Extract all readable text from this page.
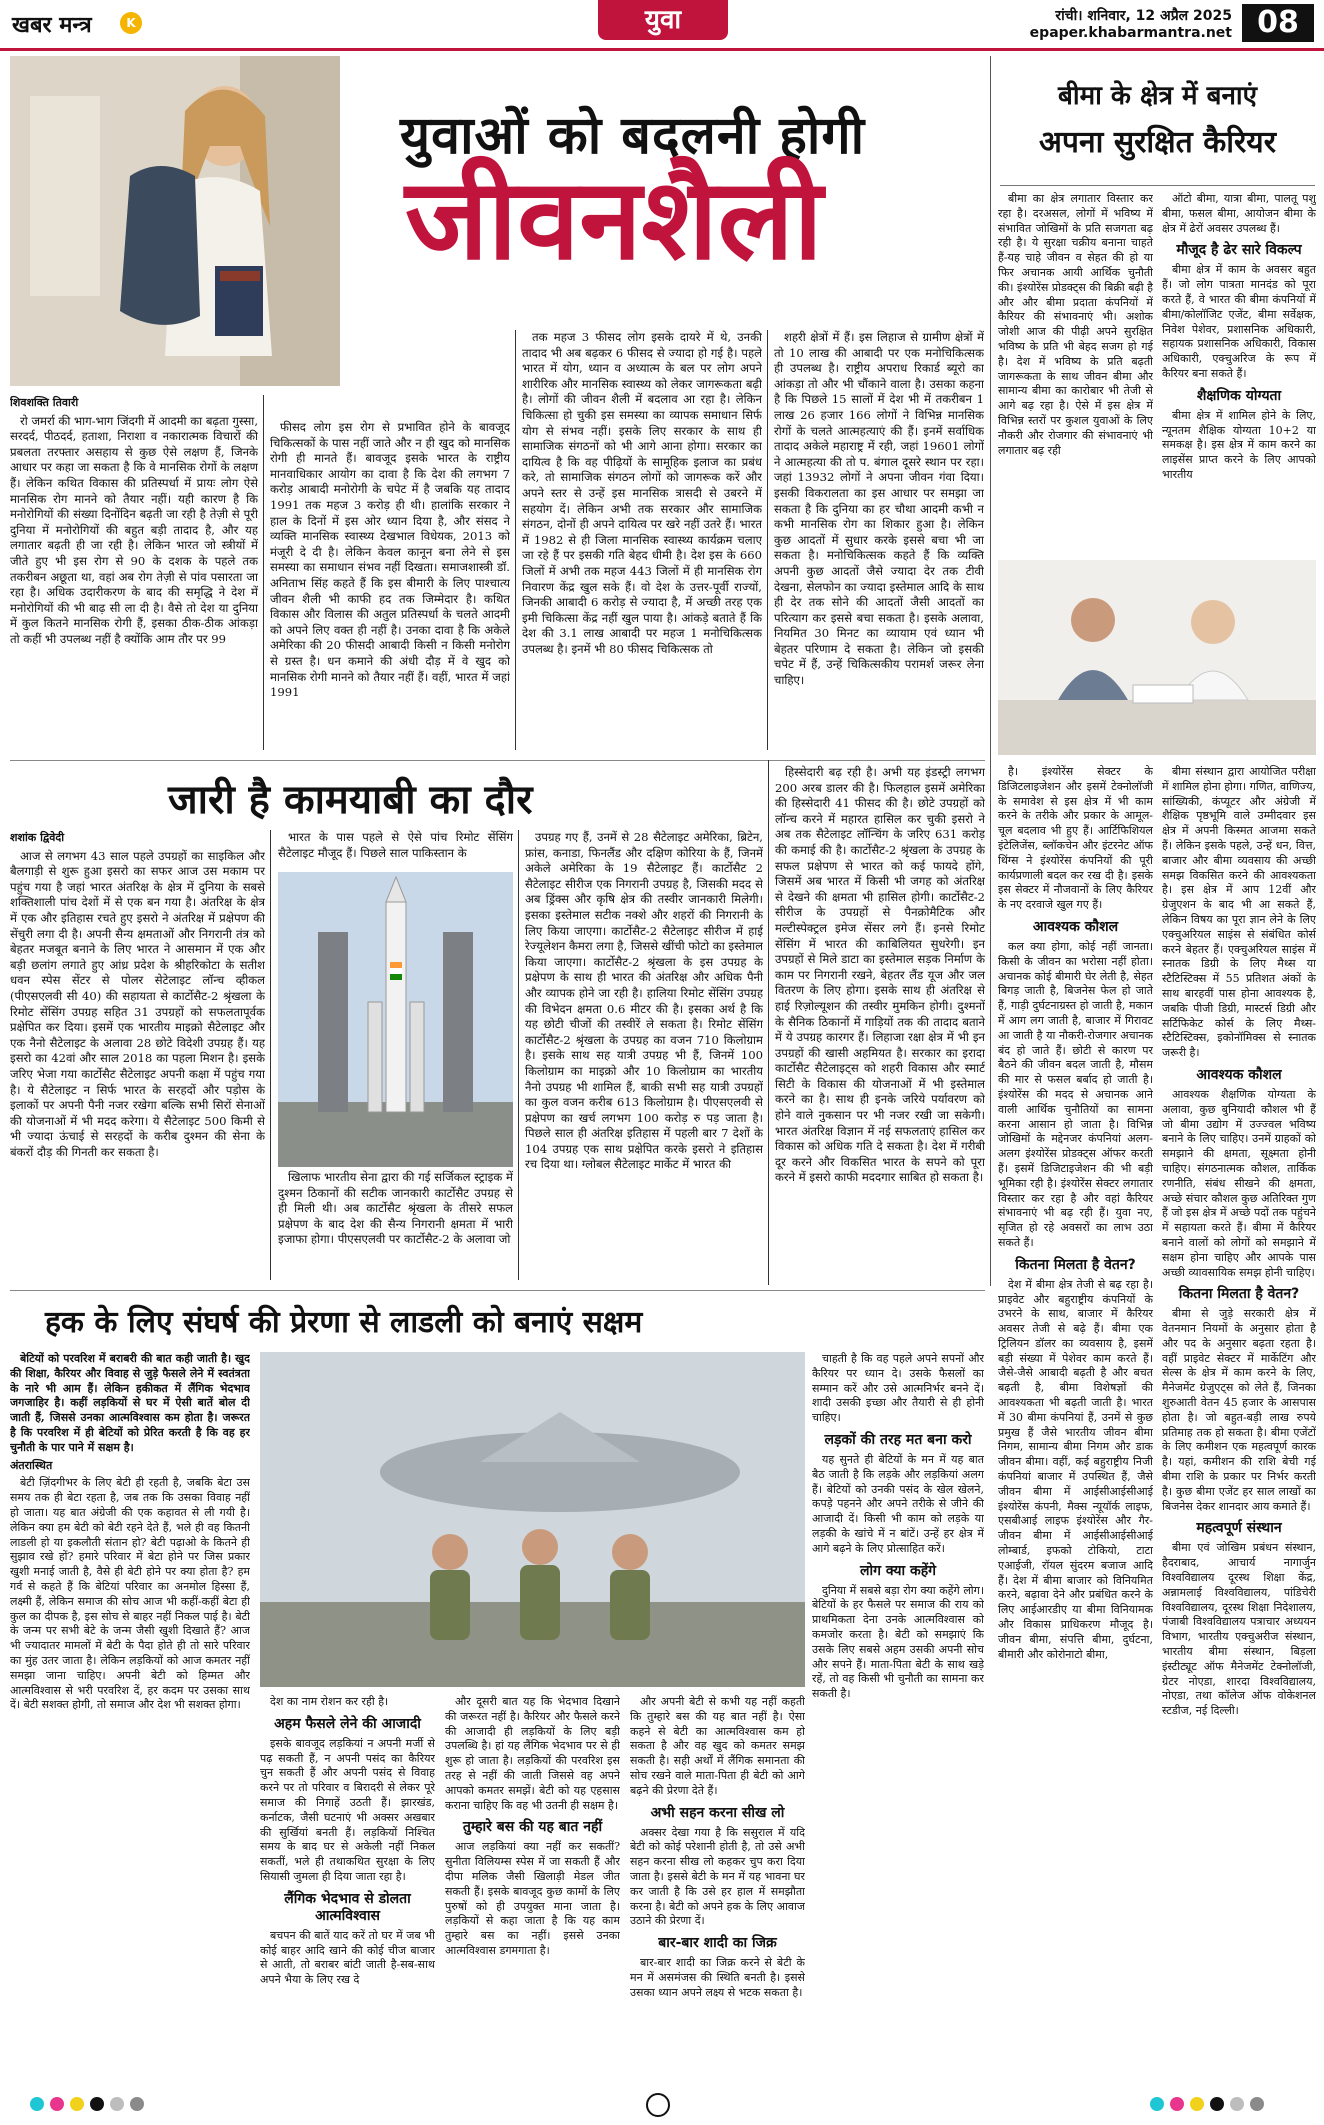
खबर मन्त्र	K	युवा	रांची। शनिवार, 12 अप्रैल 2025
epaper.khabarmantra.net 08
युवाओं को बदलनी होगी
जीवनशैली
शिवशक्ति तिवारी

रो जमर्रा की भाग-भाग जिंदगी में आदमी का बढ़ता गुस्सा, सरदर्द, पीठदर्द, हताशा, निराशा व नकारात्मक विचारों की प्रबलता तरफ्तार असहाय से कुछ ऐसे लक्षण हैं, जिनके आधार पर कहा जा सकता है कि वे मानसिक रोगों के लक्षण हैं। लेकिन कथित विकास की प्रतिस्पर्धा में प्रायः लोग ऐसे मानसिक रोग मानने को तैयार नहीं। यही कारण है कि मनोरोगियों की संख्या दिनोंदिन बढ़ती जा रही है तेज़ी से पूरी दुनिया में मनोरोगियों की बहुत बड़ी तादाद है, और यह लगातार बढ़ती ही जा रही है। लेकिन भारत जो स्त्रीयों में जीते हुए भी इस रोग से 90 के दशक के पहले तक तकरीबन अछूता था, वहां अब रोग तेज़ी से पांव पसारता जा रहा है। अधिक उदारीकरण के बाद की समृद्धि ने देश में मनोरोगियों की भी बाढ़ सी ला दी है। वैसे तो देश या दुनिया में कुल कितने मानसिक रोगी हैं, इसका ठीक-ठीक आंकड़ा तो कहीं भी उपलब्ध नहीं है क्योंकि आम तौर पर 99

फीसद लोग इस रोग से प्रभावित होने के बावजूद चिकित्सकों के पास नहीं जाते और न ही खुद को मानसिक रोगी ही मानते हैं। बावजूद इसके भारत के राष्ट्रीय मानवाधिकार आयोग का दावा है कि देश की लगभग 7 करोड़ आबादी मनोरोगी के चपेट में है जबकि यह तादाद 1991 तक महज 3 करोड़ ही थी। हालांकि सरकार ने हाल के दिनों में इस ओर ध्यान दिया है, और संसद ने व्यक्ति मानसिक स्वास्थ्य देखभाल विधेयक, 2013 को मंजूरी दे दी है। लेकिन केवल कानून बना लेने से इस समस्या का समाधान संभव नहीं दिखता। समाजशास्त्री डॉ. अनिताभ सिंह कहते हैं कि इस बीमारी के लिए पाश्चात्य जीवन शैली भी काफी हद तक जिम्मेदार है। कथित विकास और विलास की अतुल प्रतिस्पर्धा के चलते आदमी को अपने लिए वक्त ही नहीं है। उनका दावा है कि अकेले अमेरिका की 20 फीसदी आबादी किसी न किसी मनोरोग से ग्रस्त है। धन कमाने की अंधी दौड़ में वे खुद को मानसिक रोगी मानने को तैयार नहीं हैं। वहीं, भारत में जहां 1991

तक महज 3 फीसद लोग इसके दायरे में थे, उनकी तादाद भी अब बढ़कर 6 फीसद से ज्यादा हो गई है। पहले भारत में योग, ध्यान व अध्यात्म के बल पर लोग अपने शारीरिक और मानसिक स्वास्थ्य को लेकर जागरूकता बढ़ी है। लोगों की जीवन शैली में बदलाव आ रहा है। लेकिन चिकित्सा हो चुकी इस समस्या का व्यापक समाधान सिर्फ योग से संभव नहीं। इसके लिए सरकार के साथ ही सामाजिक संगठनों को भी आगे आना होगा। सरकार का दायित्व है कि वह पीढ़ियों के सामूहिक इलाज का प्रबंध करे, तो सामाजिक संगठन लोगों को जागरूक करें और अपने स्तर से उन्हें इस मानसिक त्रासदी से उबरने में सहयोग दें। लेकिन अभी तक सरकार और सामाजिक संगठन, दोनों ही अपने दायित्व पर खरे नहीं उतरे हैं। भारत में 1982 से ही जिला मानसिक स्वास्थ्य कार्यक्रम चलाए जा रहे हैं पर इसकी गति बेहद धीमी है। देश इस के 660 जिलों में अभी तक महज 443 जिलों में ही मानसिक रोग निवारण केंद्र खुल सके हैं। वो देश के उत्तर-पूर्वी राज्यों, जिनकी आबादी 6 करोड़ से ज्यादा है, में अच्छी तरह एक इमी चिकित्सा केंद्र नहीं खुल पाया है। आंकड़े बताते हैं कि देश की 3.1 लाख आबादी पर महज 1 मनोचिकित्सक उपलब्ध है। इनमें भी 80 फीसद चिकित्सक तो

शहरी क्षेत्रों में हैं। इस लिहाज से ग्रामीण क्षेत्रों में तो 10 लाख की आबादी पर एक मनोचिकित्सक ही उपलब्ध है। राष्ट्रीय अपराध रिकार्ड ब्यूरो का आंकड़ा तो और भी चौंकाने वाला है। उसका कहना है कि पिछले 15 सालों में देश भी में तकरीबन 1 लाख 26 हजार 166 लोगों ने विभिन्न मानसिक रोगों के चलते आत्महत्याएं की हैं। इनमें सर्वाधिक तादाद अकेले महाराष्ट्र में रही, जहां 19601 लोगों ने आत्महत्या की तो प. बंगाल दूसरे स्थान पर रहा। जहां 13932 लोगों ने अपना जीवन गंवा दिया। इसकी विकरालता का इस आधार पर समझा जा सकता है कि दुनिया का हर चौथा आदमी कभी न कभी मानसिक रोग का शिकार हुआ है। लेकिन कुछ आदतों में सुधार करके इससे बचा भी जा सकता है। मनोचिकित्सक कहते हैं कि व्यक्ति अपनी कुछ आदतों जैसे ज्यादा देर तक टीवी देखना, सेलफोन का ज्यादा इस्तेमाल आदि के साथ ही देर तक सोने की आदतों जैसी आदतों का परित्याग कर इससे बचा सकता है। इसके अलावा, नियमित 30 मिनट का व्यायाम एवं ध्यान भी बेहतर परिणाम दे सकता है। लेकिन जो इसकी चपेट में हैं, उन्हें चिकित्सकीय परामर्श जरूर लेना चाहिए।

बीमा के क्षेत्र में बनाएं
अपना सुरक्षित कैरियर

बीमा का क्षेत्र लगातार विस्तार कर रहा है। दरअसल, लोगों में भविष्य में संभावित जोखिमों के प्रति सजगता बढ़ रही है। ये सुरक्षा चक्रीय बनाना चाहते हैं-यह चाहे जीवन व सेहत की हो या फिर अचानक आयी आर्थिक चुनौती की। इंश्योरेंस प्रोडक्ट्स की बिक्री बढ़ी है और और बीमा प्रदाता कंपनियों में कैरियर की संभावनाएं भी। अशोक जोशी आज की पीढ़ी अपने सुरक्षित भविष्य के प्रति भी बेहद सजग हो गई है। देश में भविष्य के प्रति बढ़ती जागरूकता के साथ जीवन बीमा और सामान्य बीमा का कारोबार भी तेजी से आगे बढ़ रहा है। ऐसे में इस क्षेत्र में विभिन्न स्तरों पर कुशल युवाओं के लिए नौकरी और रोजगार की संभावनाएं भी लगातार बढ़ रही

ऑटो बीमा, यात्रा बीमा, पालतू पशु बीमा, फसल बीमा, आयोजन बीमा के क्षेत्र में ढेरों अवसर उपलब्ध हैं।

मौजूद है ढेर सारे विकल्प

बीमा क्षेत्र में काम के अवसर बहुत हैं। जो लोग पात्रता मानदंड को पूरा करते हैं, वे भारत की बीमा कंपनियों में बीमा/कोलॉजिट एजेंट, बीमा सर्वेक्षक, निवेश पेशेवर, प्रशासनिक अधिकारी, सहायक प्रशासनिक अधिकारी, विकास अधिकारी, एक्चुअरिज के रूप में कैरियर बना सकते हैं।

शैक्षणिक योग्यता

बीमा क्षेत्र में शामिल होने के लिए, न्यूनतम शैक्षिक योग्यता 10+2 या समकक्ष है। इस क्षेत्र में काम करने का लाइसेंस प्राप्त करने के लिए आपको भारतीय

जारी है कामयाबी का दौर
शशांक द्विवेदी

आज से लगभग 43 साल पहले उपग्रहों का साइकिल और बैलगाड़ी से शुरू हुआ इसरो का सफर आज उस मकाम पर पहुंच गया है जहां भारत अंतरिक्ष के क्षेत्र में दुनिया के सबसे शक्तिशाली पांच देशों में से एक बन गया है। अंतरिक्ष के क्षेत्र में एक और इतिहास रचते हुए इसरो ने अंतरिक्ष में प्रक्षेपण की सेंचुरी लगा दी है। अपनी सैन्य क्षमताओं और निगरानी तंत्र को बेहतर मजबूत बनाने के लिए भारत ने आसमान में एक और बड़ी छलांग लगाते हुए आंध्र प्रदेश के श्रीहरिकोटा के सतीश धवन स्पेस सेंटर से पोलर सेटेलाइट लॉन्च व्हीकल (पीएसएलवी सी 40) की सहायता से कार्टोसैट-2 श्रृंखला के रिमोट सेंसिंग उपग्रह सहित 31 उपग्रहों को सफलतापूर्वक प्रक्षेपित कर दिया। इसमें एक भारतीय माइक्रो सैटेलाइट और एक नैनो सैटेलाइट के अलावा 28 छोटे विदेशी उपग्रह हैं। यह इसरो का 42वां और साल 2018 का पहला मिशन है। इसके जरिए भेजा गया कार्टोसैट सैटेलाइट अपनी कक्षा में पहुंच गया है। ये सैटेलाइट न सिर्फ भारत के सरहदों और पड़ोस के इलाकों पर अपनी पैनी नजर रखेगा बल्कि सभी सिरों सेनाओं की योजनाओं में भी मदद करेगा। ये सैटेलाइट 500 किमी से भी ज्यादा ऊंचाई से सरहदों के करीब दुश्मन की सेना के बंकरों दौड़ की गिनती कर सकता है।

भारत के पास पहले से ऐसे पांच रिमोट सेंसिंग सैटेलाइट मौजूद हैं। पिछले साल पाकिस्तान के

खिलाफ भारतीय सेना द्वारा की गई सर्जिकल स्ट्राइक में दुश्मन ठिकानों की सटीक जानकारी कार्टोसैट उपग्रह से ही मिली थी। अब कार्टोसैट श्रृंखला के तीसरे सफल प्रक्षेपण के बाद देश की सैन्य निगरानी क्षमता में भारी इजाफा होगा। पीएसएलवी पर कार्टोसैट-2 के अलावा जो

उपग्रह गए हैं, उनमें से 28 सैटेलाइट अमेरिका, ब्रिटेन, फ्रांस, कनाडा, फिनलैंड और दक्षिण कोरिया के हैं, जिनमें अकेले अमेरिका के 19 सैटेलाइट हैं। कार्टोसैट 2 सैटेलाइट सीरीज एक निगरानी उपग्रह है, जिसकी मदद से अब ड्रिंक्स और कृषि क्षेत्र की तस्वीर जानकारी मिलेगी। इसका इस्तेमाल सटीक नक्शे और शहरों की निगरानी के लिए किया जाएगा। कार्टोसैट-2 सैटेलाइट सीरीज में हाई रेज्यूलेशन कैमरा लगा है, जिससे खींची फोटो का इस्तेमाल किया जाएगा। कार्टोसैट-2 श्रृंखला के इस उपग्रह के प्रक्षेपण के साथ ही भारत की अंतरिक्ष और अधिक पैनी और व्यापक होने जा रही है। हालिया रिमोट सेंसिंग उपग्रह की विभेदन क्षमता 0.6 मीटर की है। इसका अर्थ है कि यह छोटी चीजों की तस्वीरें ले सकता है। रिमोट सेंसिंग कार्टोसैट-2 श्रृंखला के उपग्रह का वजन 710 किलोग्राम है। इसके साथ सह यात्री उपग्रह भी हैं, जिनमें 100 किलोग्राम का माइक्रो और 10 किलोग्राम का भारतीय नैनो उपग्रह भी शामिल हैं, बाकी सभी सह यात्री उपग्रहों का कुल वजन करीब 613 किलोग्राम है। पीएसएलवी से प्रक्षेपण का खर्च लगभग 100 करोड़ रु पड़ जाता है। पिछले साल ही अंतरिक्ष इतिहास में पहली बार 7 देशों के 104 उपग्रह एक साथ प्रक्षेपित करके इसरो ने इतिहास रच दिया था। ग्लोबल सैटेलाइट मार्केट में भारत की

हिस्सेदारी बढ़ रही है। अभी यह इंडस्ट्री लगभग 200 अरब डालर की है। फिलहाल इसमें अमेरिका की हिस्सेदारी 41 फीसद की है। छोटे उपग्रहों को लॉन्च करने में महारत हासिल कर चुकी इसरो ने अब तक सैटेलाइट लॉन्चिंग के जरिए 631 करोड़ की कमाई की है। कार्टोसैट-2 श्रृंखला के उपग्रह के सफल प्रक्षेपण से भारत को कई फायदे होंगे, जिसमें अब भारत में किसी भी जगह को अंतरिक्ष से देखने की क्षमता भी हासिल होगी। कार्टोसैट-2 सीरीज के उपग्रहों से पैनक्रोमैटिक और मल्टीस्पेक्ट्रल इमेज सेंसर लगे हैं। इनसे रिमोट सेंसिंग में भारत की काबिलियत सुधरेगी। इन उपग्रहों से मिले डाटा का इस्तेमाल सड़क निर्माण के काम पर निगरानी रखने, बेहतर लैंड यूज और जल वितरण के लिए होगा। इसके साथ ही अंतरिक्ष से हाई रिज़ोल्यूशन की तस्वीर मुमकिन होगी। दुश्मनों के सैनिक ठिकानों में गाड़ियों तक की तादाद बताने में ये उपग्रह कारगर हैं। लिहाजा रक्षा क्षेत्र में भी इन उपग्रहों की खासी अहमियत है। सरकार का इरादा कार्टोसैट सैटेलाइट्स को शहरी विकास और स्मार्ट सिटी के विकास की योजनाओं में भी इस्तेमाल करने का है। साथ ही इनके जरिये पर्यावरण को होने वाले नुकसान पर भी नजर रखी जा सकेगी। भारत अंतरिक्ष विज्ञान में नई सफलताएं हासिल कर विकास को अधिक गति दे सकता है। देश में गरीबी दूर करने और विकसित भारत के सपने को पूरा करने में इसरो काफी मददगार साबित हो सकता है।

है। इंश्योरेंस सेक्टर के डिजिटलाइजेशन और इसमें टेक्नोलॉजी के समावेश से इस क्षेत्र में भी काम करने के तरीके और प्रकार के आमूल-चूल बदलाव भी हुए हैं। आर्टिफिशियल इंटेलिजेंस, ब्लॉकचेन और इंटरनेट ऑफ थिंग्स ने इंश्योरेंस कंपनियों की पूरी कार्यप्रणाली बदल कर रख दी है। इसके इस सेक्टर में नौजवानों के लिए कैरियर के नए दरवाजे खुल गए हैं।

आवश्यक कौशल

कल क्या होगा, कोई नहीं जानता। किसी के जीवन का भरोसा नहीं होता। अचानक कोई बीमारी घेर लेती है, सेहत बिगड़ जाती है, बिजनेस फेल हो जाते हैं, गाड़ी दुर्घटनाग्रस्त हो जाती है, मकान में आग लग जाती है, बाजार में गिरावट आ जाती है या नौकरी-रोजगार अचानक बंद हो जाते हैं। छोटी से कारण पर बैठने की जीवन बदल जाती है, मौसम की मार से फसल बर्बाद हो जाती है। इंश्योरेंस की मदद से अचानक आने वाली आर्थिक चुनौतियों का सामना करना आसान हो जाता है। विभिन्न जोखिमों के मद्देनजर कंपनियां अलग-अलग इंश्योरेंस प्रोडक्ट्स ऑफर करती हैं। इसमें डिजिटाइजेशन की भी बड़ी भूमिका रही है। इंश्योरेंस सेक्टर लगातार विस्तार कर रहा है और वहां कैरियर संभावनाएं भी बढ़ रही हैं। युवा नए, सृजित हो रहे अवसरों का लाभ उठा सकते हैं।

कितना मिलता है वेतन?

देश में बीमा क्षेत्र तेजी से बढ़ रहा है। प्राइवेट और बहुराष्ट्रीय कंपनियों के उभरने के साथ, बाजार में कैरियर अवसर तेजी से बढ़े हैं। बीमा एक ट्रिलियन डॉलर का व्यवसाय है, इसमें बड़ी संख्या में पेशेवर काम करते हैं। जैसे-जैसे आबादी बढ़ती है और बचत बढ़ती है, बीमा विशेषज्ञों की आवश्यकता भी बढ़ती जाती है। भारत में 30 बीमा कंपनियां हैं, उनमें से कुछ प्रमुख हैं जैसे भारतीय जीवन बीमा निगम, सामान्य बीमा निगम और डाक जीवन बीमा। वहीं, कई बहुराष्ट्रीय निजी कंपनियां बाजार में उपस्थित हैं, जैसे जीवन बीमा में आईसीआईसीआई इंश्योरेंस कंपनी, मैक्स न्यूयॉर्क लाइफ, एसबीआई लाइफ इंश्योरेंस और गैर-जीवन बीमा में आईसीआईसीआई लोम्बार्ड, इफको टोकियो, टाटा एआईजी, रॉयल सुंदरम बजाज आदि हैं। देश में बीमा बाजार को विनियमित करने, बढ़ावा देने और प्रबंधित करने के लिए आईआरडीए या बीमा विनियामक और विकास प्राधिकरण मौजूद है। जीवन बीमा, संपत्ति बीमा, दुर्घटना, बीमारी और कोरोनाटो बीमा,

बीमा संस्थान द्वारा आयोजित परीक्षा में शामिल होना होगा। गणित, वाणिज्य, सांख्यिकी, कंप्यूटर और अंग्रेजी में शैक्षिक पृष्ठभूमि वाले उम्मीदवार इस क्षेत्र में अपनी किस्मत आजमा सकते हैं। लेकिन इसके पहले, उन्हें धन, वित्त, बाजार और बीमा व्यवसाय की अच्छी समझ विकसित करने की आवश्यकता है। इस क्षेत्र में आप 12वीं और ग्रेजुएशन के बाद भी आ सकते हैं, लेकिन विषय का पूरा ज्ञान लेने के लिए एक्चुअरियल साइंस से संबंधित कोर्स करने बेहतर हैं। एक्चुअरियल साइंस में स्नातक डिग्री के लिए मैथ्स या स्टैटिस्टिक्स में 55 प्रतिशत अंकों के साथ बारहवीं पास होना आवश्यक है, जबकि पीजी डिग्री, मास्टर्स डिग्री और सर्टिफिकेट कोर्स के लिए मैथ्स-स्टैटिस्टिक्स, इकोनॉमिक्स से स्नातक जरूरी है।

आवश्यक कौशल

आवश्यक शैक्षणिक योग्यता के अलावा, कुछ बुनियादी कौशल भी हैं जो बीमा उद्योग में उज्ज्वल भविष्य बनाने के लिए चाहिए। उनमें ग्राहकों को समझाने की क्षमता, सूक्ष्मता होनी चाहिए। संगठनात्मक कौशल, तार्किक रणनीति, संबंध सीखने की क्षमता, अच्छे संचार कौशल कुछ अतिरिक्त गुण हैं जो इस क्षेत्र में अच्छे पदों तक पहुंचने में सहायता करते हैं। बीमा में कैरियर बनाने वालों को लोगों को समझाने में सक्षम होना चाहिए और आपके पास अच्छी व्यावसायिक समझ होनी चाहिए।

कितना मिलता है वेतन?

बीमा से जुड़े सरकारी क्षेत्र में वेतनमान नियमों के अनुसार होता है और पद के अनुसार बढ़ता रहता है। वहीं प्राइवेट सेक्टर में मार्केटिंग और सेल्स के क्षेत्र में काम करने के लिए, मैनेजमेंट ग्रेजुएट्स को लेते हैं, जिनका शुरुआती वेतन 45 हजार के आसपास होता है। जो बहुत-बड़ी लाख रुपये प्रतिमाह तक हो सकता है। बीमा एजेंटों के लिए कमीशन एक महत्वपूर्ण कारक है। यहां, कमीशन की राशि बेची गई बीमा राशि के प्रकार पर निर्भर करती है। कुछ बीमा एजेंट हर साल लाखों का बिजनेस देकर शानदार आय कमाते हैं।

महत्वपूर्ण संस्थान

बीमा एवं जोखिम प्रबंधन संस्थान, हैदराबाद, आचार्य नागार्जुन विश्वविद्यालय दूरस्थ शिक्षा केंद्र, अन्नामलाई विश्वविद्यालय, पांडिचेरी विश्वविद्यालय, दूरस्थ शिक्षा निदेशालय, पंजाबी विश्वविद्यालय पत्राचार अध्ययन विभाग, भारतीय एक्चुअरीज संस्थान, भारतीय बीमा संस्थान, बिड़ला इंस्टीट्यूट ऑफ मैनेजमेंट टेक्नोलॉजी, ग्रेटर नोएडा, शारदा विश्वविद्यालय, नोएडा, तथा कॉलेज ऑफ वोकेशनल स्टडीज, नई दिल्ली।

हक के लिए संघर्ष की प्रेरणा से लाडली को बनाएं सक्षम

बेटियों को परवरिश में बराबरी की बात कही जाती है। खुद की शिक्षा, कैरियर और विवाह से जुड़े फैसले लेने में स्वतंत्रता के नारे भी आम हैं। लेकिन हकीकत में लैंगिक भेदभाव जगजाहिर है। कहीं लड़कियों से घर में ऐसी बातें बोल दी जाती हैं, जिससे उनका आत्मविश्वास कम होता है। जरूरत है कि परवरिश में ही बेटियों को प्रेरित करती है कि वह हर चुनौती के पार पाने में सक्षम है।

अंतरास्थित

बेटी ज़िंदगीभर के लिए बेटी ही रहती है, जबकि बेटा उस समय तक ही बेटा रहता है, जब तक कि उसका विवाह नहीं हो जाता। यह बात अंग्रेजी की एक कहावत से ली गयी है। लेकिन क्या हम बेटी को बेटी रहने देते हैं, भले ही वह कितनी लाडली हो या इकलौती संतान हो? बेटी पढ़ाओ के कितने ही सुझाव रखे हों? हमारे परिवार में बेटा होने पर जिस प्रकार खुशी मनाई जाती है, वैसे ही बेटी होने पर क्या होता है? हम गर्व से कहते हैं कि बेटियां परिवार का अनमोल हिस्सा हैं, लक्ष्मी हैं, लेकिन समाज की सोच आज भी कहीं-कहीं बेटा ही कुल का दीपक है, इस सोच से बाहर नहीं निकल पाई है। बेटी के जन्म पर सभी बेटे के जन्म जैसी खुशी दिखाते हैं? आज भी ज्यादातर मामलों में बेटी के पैदा होते ही तो सारे परिवार का मुंह उतर जाता है। लेकिन लड़कियों को आज कमतर नहीं समझा जाना चाहिए। अपनी बेटी को हिम्मत और आत्मविश्वास से भरी परवरिश दें, हर कदम पर उसका साथ दें। बेटी सशक्त होगी, तो समाज और देश भी सशक्त होगा।

चाहती है कि वह पहले अपने सपनों और कैरियर पर ध्यान दे। उसके फैसलों का सम्मान करें और उसे आत्मनिर्भर बनने दें। शादी उसकी इच्छा और तैयारी से ही होनी चाहिए।

लड़कों की तरह मत बना करो

यह सुनते ही बेटियों के मन में यह बात बैठ जाती है कि लड़के और लड़कियां अलग हैं। बेटियों को उनकी पसंद के खेल खेलने, कपड़े पहनने और अपने तरीके से जीने की आजादी दें। किसी भी काम को लड़के या लड़की के खांचे में न बांटें। उन्हें हर क्षेत्र में आगे बढ़ने के लिए प्रोत्साहित करें।

लोग क्या कहेंगे

दुनिया में सबसे बड़ा रोग क्या कहेंगे लोग। बेटियों के हर फैसले पर समाज की राय को प्राथमिकता देना उनके आत्मविश्वास को कमजोर करता है। बेटी को समझाएं कि उसके लिए सबसे अहम उसकी अपनी सोच और सपने हैं। माता-पिता बेटी के साथ खड़े रहें, तो वह किसी भी चुनौती का सामना कर सकती है।

देश का नाम रोशन कर रही है।

अहम फैसले लेने की आजादी

इसके बावजूद लड़कियां न अपनी मर्जी से पढ़ सकती हैं, न अपनी पसंद का कैरियर चुन सकती हैं और अपनी पसंद से विवाह करने पर तो परिवार व बिरादरी से लेकर पूरे समाज की निगाहें उठती हैं। झारखंड, कर्नाटक, जैसी घटनाएं भी अक्सर अखबार की सुर्खियां बनती हैं। लड़कियों निश्चित समय के बाद घर से अकेली नहीं निकल सकतीं, भले ही तथाकथित सुरक्षा के लिए सियासी जुमला ही दिया जाता रहा है।

लैंगिक भेदभाव से डोलता आत्मविश्वास

बचपन की बातें याद करें तो घर में जब भी कोई बाहर आदि खाने की कोई चीज बाजार से आती, तो बराबर बांटी जाती है-सब-साथ अपने भैया के लिए रख दे

और दूसरी बात यह कि भेदभाव दिखाने की जरूरत नहीं है। कैरियर और फैसले करने की आजादी ही लड़कियों के लिए बड़ी उपलब्धि है। हां यह लैंगिक भेदभाव पर से ही शुरू हो जाता है। लड़कियों की परवरिश इस तरह से नहीं की जाती जिससे वह अपने आपको कमतर समझें। बेटी को यह एहसास कराना चाहिए कि वह भी उतनी ही सक्षम है।

तुम्हारे बस की यह बात नहीं

आज लड़कियां क्या नहीं कर सकतीं? सुनीता विलियम्स स्पेस में जा सकती हैं और दीपा मलिक जैसी खिलाड़ी मेडल जीत सकती हैं। इसके बावजूद कुछ कामों के लिए पुरुषों को ही उपयुक्त माना जाता है। लड़कियों से कहा जाता है कि यह काम तुम्हारे बस का नहीं। इससे उनका आत्मविश्वास डगमगाता है।

और अपनी बेटी से कभी यह नहीं कहती कि तुम्हारे बस की यह बात नहीं है। ऐसा कहने से बेटी का आत्मविश्वास कम हो सकता है और वह खुद को कमतर समझ सकती है। सही अर्थों में लैंगिक समानता की सोच रखने वाले माता-पिता ही बेटी को आगे बढ़ने की प्रेरणा देते हैं।

अभी सहन करना सीख लो

अक्सर देखा गया है कि ससुराल में यदि बेटी को कोई परेशानी होती है, तो उसे अभी सहन करना सीख लो कहकर चुप करा दिया जाता है। इससे बेटी के मन में यह भावना घर कर जाती है कि उसे हर हाल में समझौता करना है। बेटी को अपने हक के लिए आवाज उठाने की प्रेरणा दें।

बार-बार शादी का जिक्र

बार-बार शादी का जिक्र करने से बेटी के मन में असमंजस की स्थिति बनती है। इससे उसका ध्यान अपने लक्ष्य से भटक सकता है।
